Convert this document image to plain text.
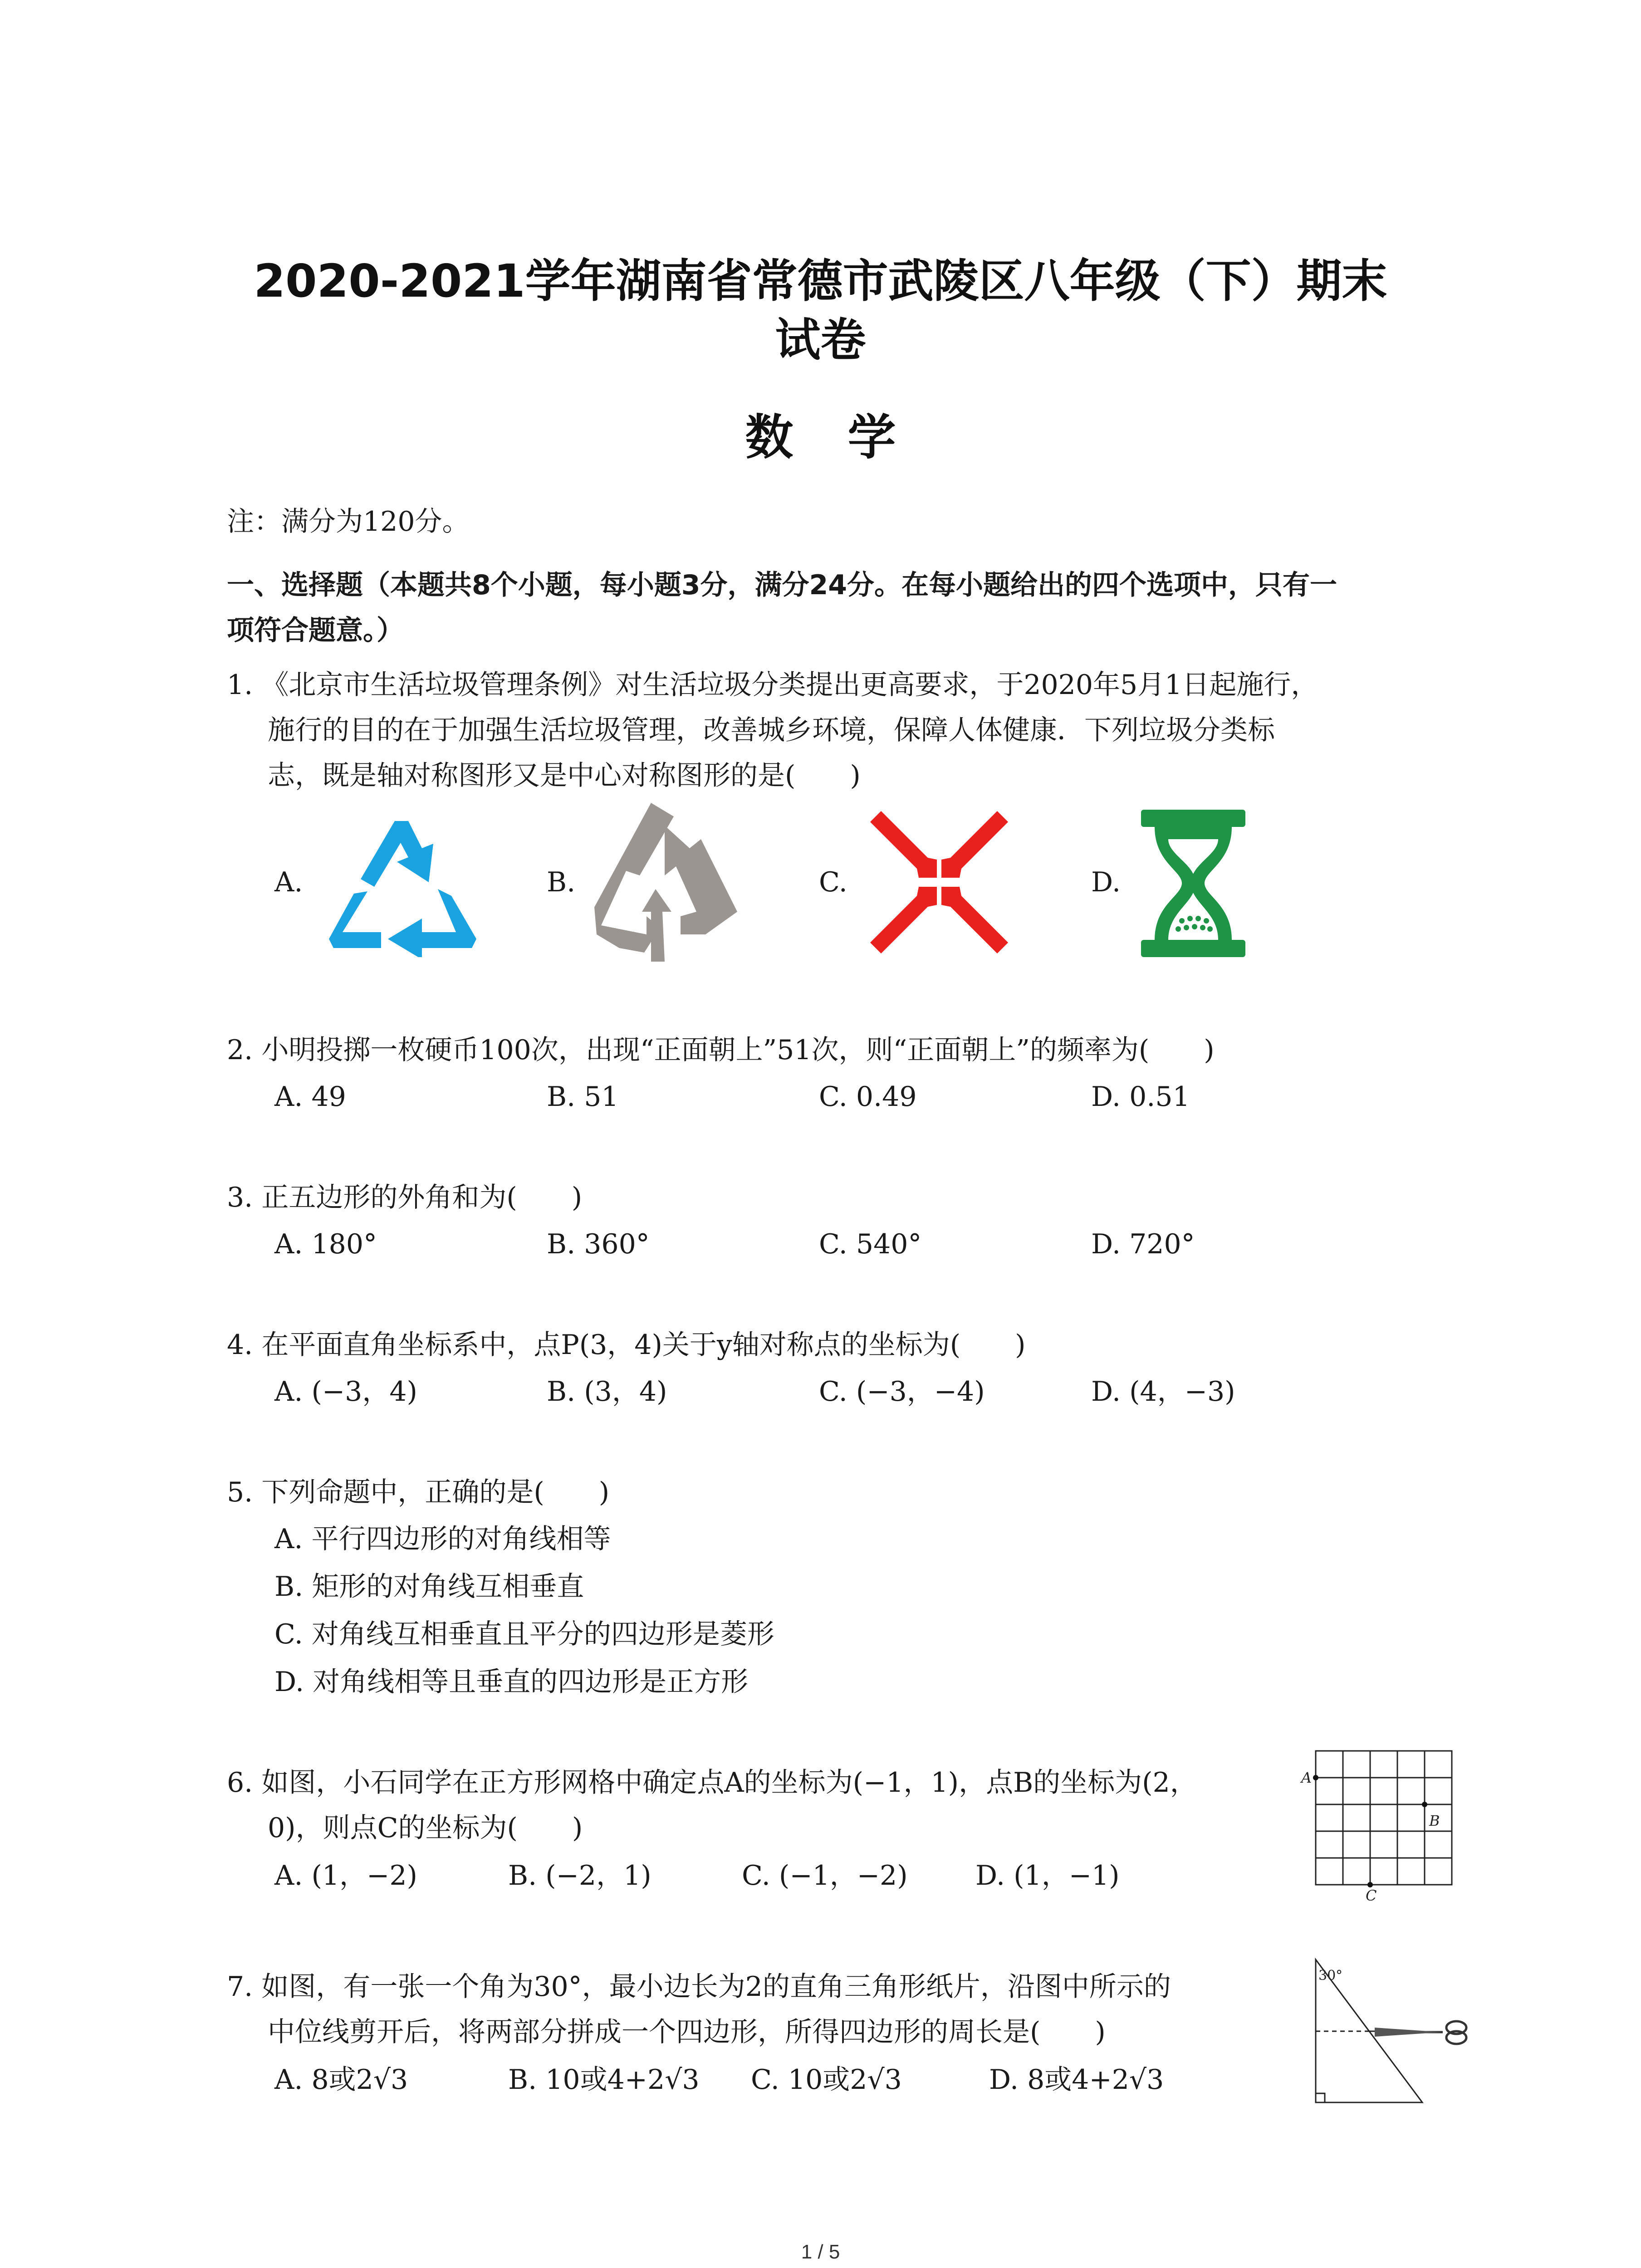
2020-2021学年湖南省常德市武陵区八年级（下）期末
试卷
数学
注：满分为120分。
一、选择题（本题共8个小题，每小题3分，满分24分。在每小题给出的四个选项中，只有一
项符合题意。）
1. 《北京市生活垃圾管理条例》对生活垃圾分类提出更高要求，于2020年5月1日起施行，
施行的目的在于加强生活垃圾管理，改善城乡环境，保障人体健康．下列垃圾分类标
志，既是轴对称图形又是中心对称图形的是(　　)
A.	B.	C.	D.
2. 小明投掷一枚硬币100次，出现“正面朝上”51次，则“正面朝上”的频率为(　　)
A. 49	B. 51	C. 0.49	D. 0.51
3. 正五边形的外角和为(　　)
A. 180°	B. 360°	C. 540°	D. 720°
4. 在平面直角坐标系中，点P(3，4)关于y轴对称点的坐标为(　　)
A. (−3，4)	B. (3，4)	C. (−3，−4)	D. (4，−3)
5. 下列命题中，正确的是(　　)
A. 平行四边形的对角线相等
B. 矩形的对角线互相垂直
C. 对角线互相垂直且平分的四边形是菱形
D. 对角线相等且垂直的四边形是正方形
6. 如图，小石同学在正方形网格中确定点A的坐标为(−1，1)，点B的坐标为(2，
0)，则点C的坐标为(　　)
A. (1，−2)	B. (−2，1)	C. (−1，−2) D. (1，−1)
A
B
C
7. 如图，有一张一个角为30°，最小边长为2的直角三角形纸片，沿图中所示的
中位线剪开后，将两部分拼成一个四边形，所得四边形的周长是(　　)
A. 8或2√3	B. 10或4+2√3 C. 10或2√3	D. 8或4+2√3
30°
1 / 5
